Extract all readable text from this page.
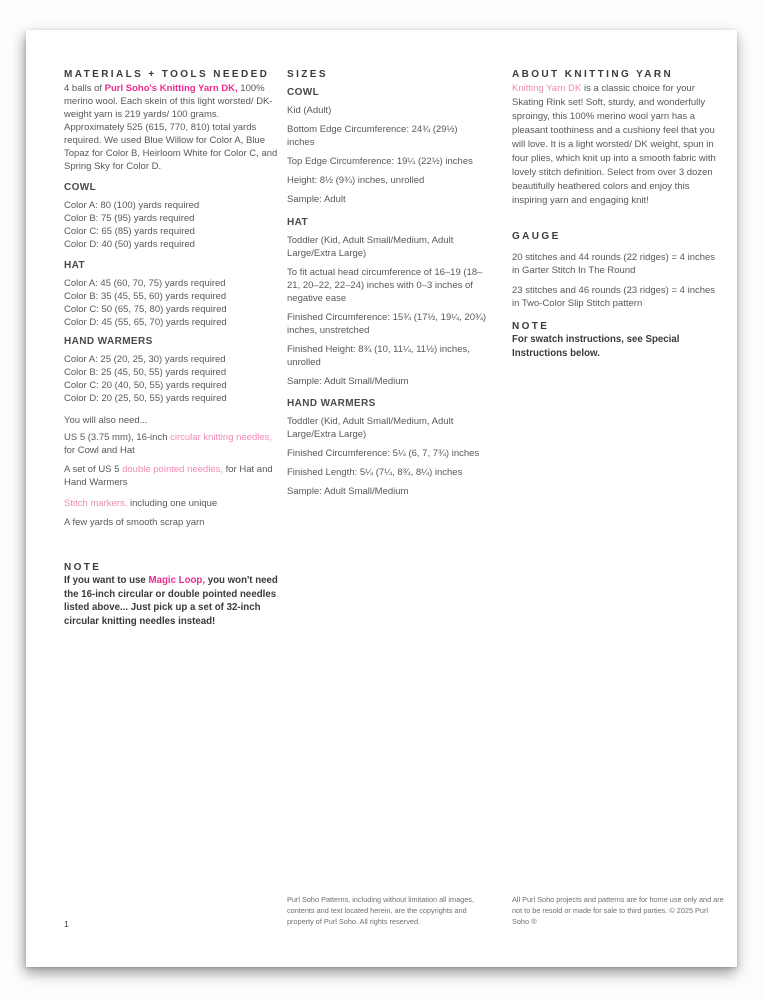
MATERIALS + TOOLS NEEDED

4 balls of Purl Soho's Knitting Yarn DK, 100% merino wool. Each skein of this light worsted/ DK-weight yarn is 219 yards/ 100 grams. Approximately 525 (615, 770, 810) total yards required. We used Blue Willow for Color A, Blue Topaz for Color B, Heirloom White for Color C, and Spring Sky for Color D.

COWL

Color A: 80 (100) yards required

Color B: 75 (95) yards required

Color C: 65 (85) yards required

Color D: 40 (50) yards required

HAT

Color A: 45 (60, 70, 75) yards required

Color B: 35 (45, 55, 60) yards required

Color C: 50 (65, 75, 80) yards required

Color D: 45 (55, 65, 70) yards required

HAND WARMERS

Color A: 25 (20, 25, 30) yards required

Color B: 25 (45, 50, 55) yards required

Color C: 20 (40, 50, 55) yards required

Color D: 20 (25, 50, 55) yards required

You will also need...

US 5 (3.75 mm), 16-inch circular knitting needles, for Cowl and Hat

A set of US 5 double pointed needles, for Hat and Hand Warmers

Stitch markers, including one unique

A few yards of smooth scrap yarn

NOTE

If you want to use Magic Loop, you won't need the 16-inch circular or double pointed needles listed above... Just pick up a set of 32-inch circular knitting needles instead!

SIZES
COWL

Kid (Adult)

Bottom Edge Circumference: 24¾ (29½) inches

Top Edge Circumference: 19¼ (22½) inches

Height: 8½ (9¾) inches, unrolled

Sample: Adult

HAT

Toddler (Kid, Adult Small/Medium, Adult Large/Extra Large)

To fit actual head circumference of 16–19 (18–21, 20–22, 22–24) inches with 0–3 inches of negative ease

Finished Circumference: 15¾ (17½, 19¼, 20¾) inches, unstretched

Finished Height: 8¾ (10, 11¼, 11½) inches, unrolled

Sample: Adult Small/Medium

HAND WARMERS

Toddler (Kid, Adult Small/Medium, Adult Large/Extra Large)

Finished Circumference: 5¼ (6, 7, 7¾) inches

Finished Length: 5¼ (7¼, 8¾, 8¼) inches

Sample: Adult Small/Medium

ABOUT KNITTING YARN

Knitting Yarn DK is a classic choice for your Skating Rink set! Soft, sturdy, and wonderfully sproingy, this 100% merino wool yarn has a pleasant toothiness and a cushiony feel that you will love. It is a light worsted/ DK weight, spun in four plies, which knit up into a smooth fabric with lovely stitch definition. Select from over 3 dozen beautifully heathered colors and enjoy this inspiring yarn and engaging knit!

GAUGE

20 stitches and 44 rounds (22 ridges) = 4 inches in Garter Stitch In The Round

23 stitches and 46 rounds (23 ridges) = 4 inches in Two-Color Slip Stitch pattern

NOTE

For swatch instructions, see Special Instructions below.

1
Purl Soho Patterns, including without limitation all images, contents and text located herein, are the copyrights and property of Purl Soho. All rights reserved.
All Purl Soho projects and patterns are for home use only and are not to be resold or made for sale to third parties. © 2025 Purl Soho ®
